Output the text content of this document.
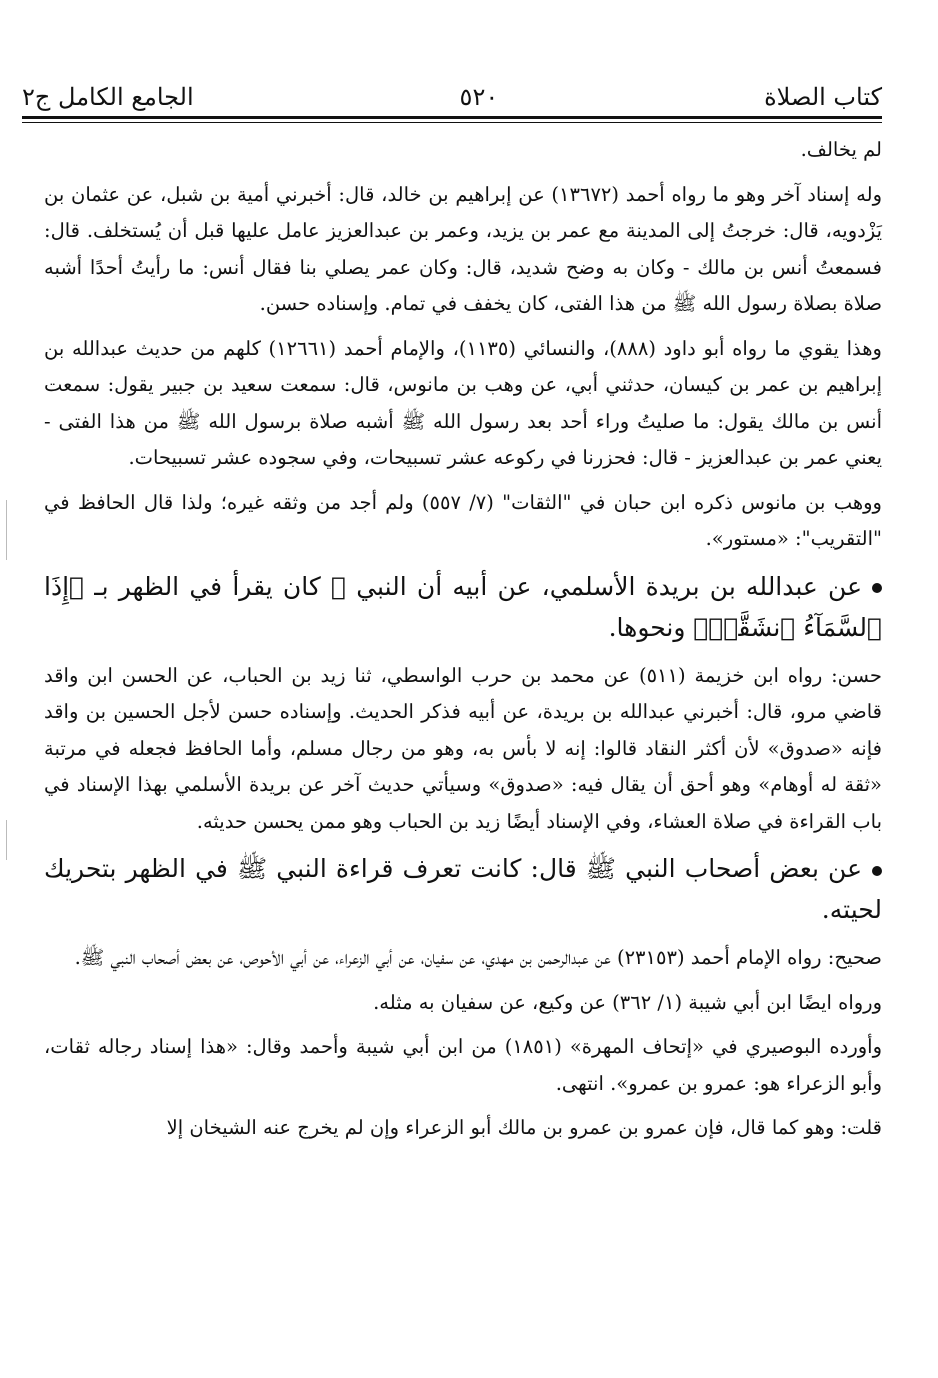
كتاب الصلاة
٥٢٠
الجامع الكامل ج٢

لم يخالف.

وله إسناد آخر وهو ما رواه أحمد (١٣٦٧٢) عن إبراهيم بن خالد، قال: أخبرني أمية بن شبل، عن عثمان بن يَزْدويه، قال: خرجتُ إلى المدينة مع عمر بن يزيد، وعمر بن عبدالعزيز عامل عليها قبل أن يُستخلف. قال: فسمعتُ أنس بن مالك - وكان به وضح شديد، قال: وكان عمر يصلي بنا فقال أنس: ما رأيتُ أحدًا أشبه صلاة بصلاة رسول الله ﷺ من هذا الفتى، كان يخفف في تمام. وإسناده حسن.

وهذا يقوي ما رواه أبو داود (٨٨٨)، والنسائي (١١٣٥)، والإمام أحمد (١٢٦٦١) كلهم من حديث عبدالله بن إبراهيم بن عمر بن كيسان، حدثني أبي، عن وهب بن مانوس، قال: سمعت سعيد بن جبير يقول: سمعت أنس بن مالك يقول: ما صليتُ وراء أحد بعد رسول الله ﷺ أشبه صلاة برسول الله ﷺ من هذا الفتى - يعني عمر بن عبدالعزيز - قال: فحزرنا في ركوعه عشر تسبيحات، وفي سجوده عشر تسبيحات.

ووهب بن مانوس ذكره ابن حبان في "الثقات" (٧/ ٥٥٧) ولم أجد من وثقه غيره؛ ولذا قال الحافظ في "التقريب": «مستور».

عن عبدالله بن بريدة الأسلمي، عن أبيه أن النبي ﷺ كان يقرأ في الظهر بـ ﴿إِذَا ٱلسَّمَآءُ ٱنشَقَّتۡ﴾ ونحوها.

حسن: رواه ابن خزيمة (٥١١) عن محمد بن حرب الواسطي، ثنا زيد بن الحباب، عن الحسن ابن واقد قاضي مرو، قال: أخبرني عبدالله بن بريدة، عن أبيه فذكر الحديث. وإسناده حسن لأجل الحسين بن واقد فإنه «صدوق» لأن أكثر النقاد قالوا: إنه لا بأس به، وهو من رجال مسلم، وأما الحافظ فجعله في مرتبة «ثقة له أوهام» وهو أحق أن يقال فيه: «صدوق» وسيأتي حديث آخر عن بريدة الأسلمي بهذا الإسناد في باب القراءة في صلاة العشاء، وفي الإسناد أيضًا زيد بن الحباب وهو ممن يحسن حديثه.

عن بعض أصحاب النبي ﷺ قال: كانت تعرف قراءة النبي ﷺ في الظهر بتحريك لحيته.

صحيح: رواه الإمام أحمد (٢٣١٥٣) عن عبدالرحمن بن مهدي، عن سفيان، عن أبي الزعراء، عن أبي الأحوص، عن بعض أصحاب النبي ﷺ.

ورواه ايضًا ابن أبي شيبة (١/ ٣٦٢) عن وكيع، عن سفيان به مثله.

وأورده البوصيري في «إتحاف المهرة» (١٨٥١) من ابن أبي شيبة وأحمد وقال: «هذا إسناد رجاله ثقات، وأبو الزعراء هو: عمرو بن عمرو». انتهى.

قلت: وهو كما قال، فإن عمرو بن عمرو بن مالك أبو الزعراء وإن لم يخرج عنه الشيخان إلا
